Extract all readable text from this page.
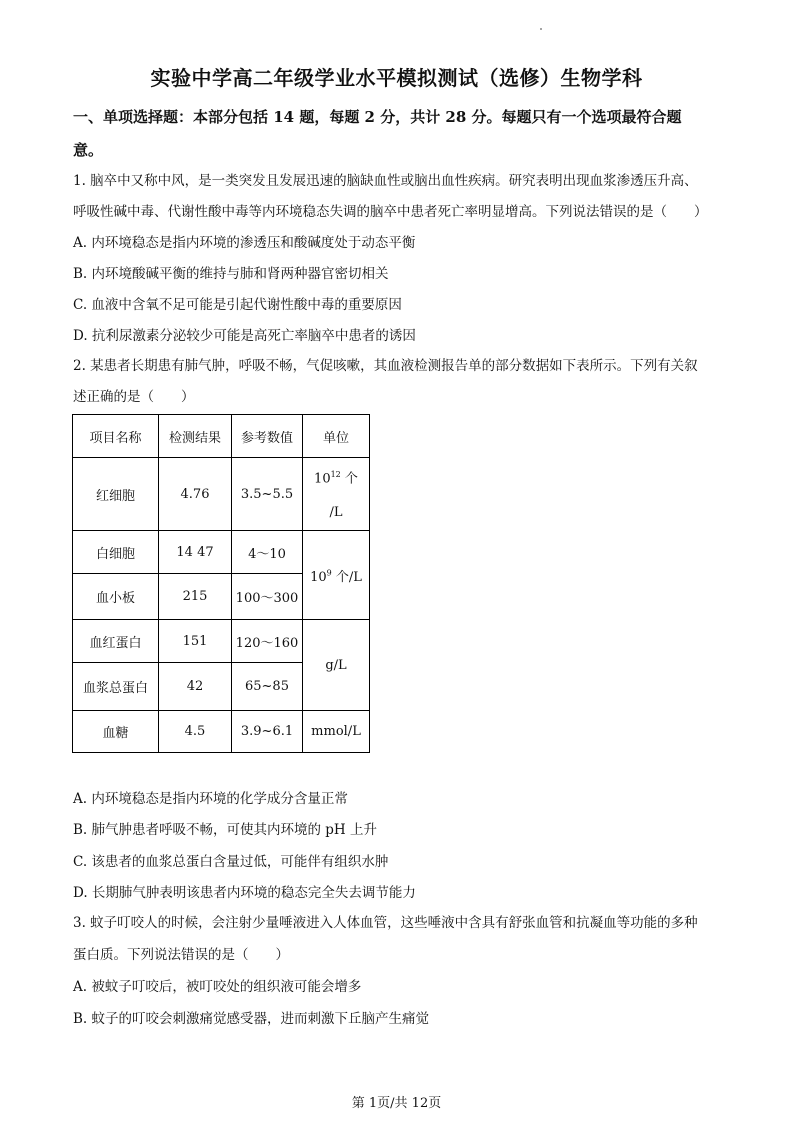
实验中学高二年级学业水平模拟测试（选修）生物学科
一、单项选择题：本部分包括 14 题，每题 2 分，共计 28 分。每题只有一个选项最符合题
意。
1. 脑卒中又称中风，是一类突发且发展迅速的脑缺血性或脑出血性疾病。研究表明出现血浆渗透压升高、
呼吸性碱中毒、代谢性酸中毒等内环境稳态失调的脑卒中患者死亡率明显增高。下列说法错误的是（　　）
A. 内环境稳态是指内环境的渗透压和酸碱度处于动态平衡
B. 内环境酸碱平衡的维持与肺和肾两种器官密切相关
C. 血液中含氧不足可能是引起代谢性酸中毒的重要原因
D. 抗利尿激素分泌较少可能是高死亡率脑卒中患者的诱因
2. 某患者长期患有肺气肿，呼吸不畅，气促咳嗽，其血液检测报告单的部分数据如下表所示。下列有关叙
述正确的是（　　）
项目名称	检测结果	参考数值	单位
红细胞	4.76	3.5~5.5	$10^{12}$ 个
/L
白细胞	14 47	4～10	$10^9$ 个/L
血小板	215	100～300	
血红蛋白	151	120～160	g/L
血浆总蛋白	42	65~85	
血糖	4.5	3.9~6.1	mmol/L
A. 内环境稳态是指内环境的化学成分含量正常
B. 肺气肿患者呼吸不畅，可使其内环境的 pH 上升
C. 该患者的血浆总蛋白含量过低，可能伴有组织水肿
D. 长期肺气肿表明该患者内环境的稳态完全失去调节能力
3. 蚊子叮咬人的时候，会注射少量唾液进入人体血管，这些唾液中含具有舒张血管和抗凝血等功能的多种
蛋白质。下列说法错误的是（　　）
A. 被蚊子叮咬后，被叮咬处的组织液可能会增多
B. 蚊子的叮咬会刺激痛觉感受器，进而刺激下丘脑产生痛觉
第 1页/共 12页
